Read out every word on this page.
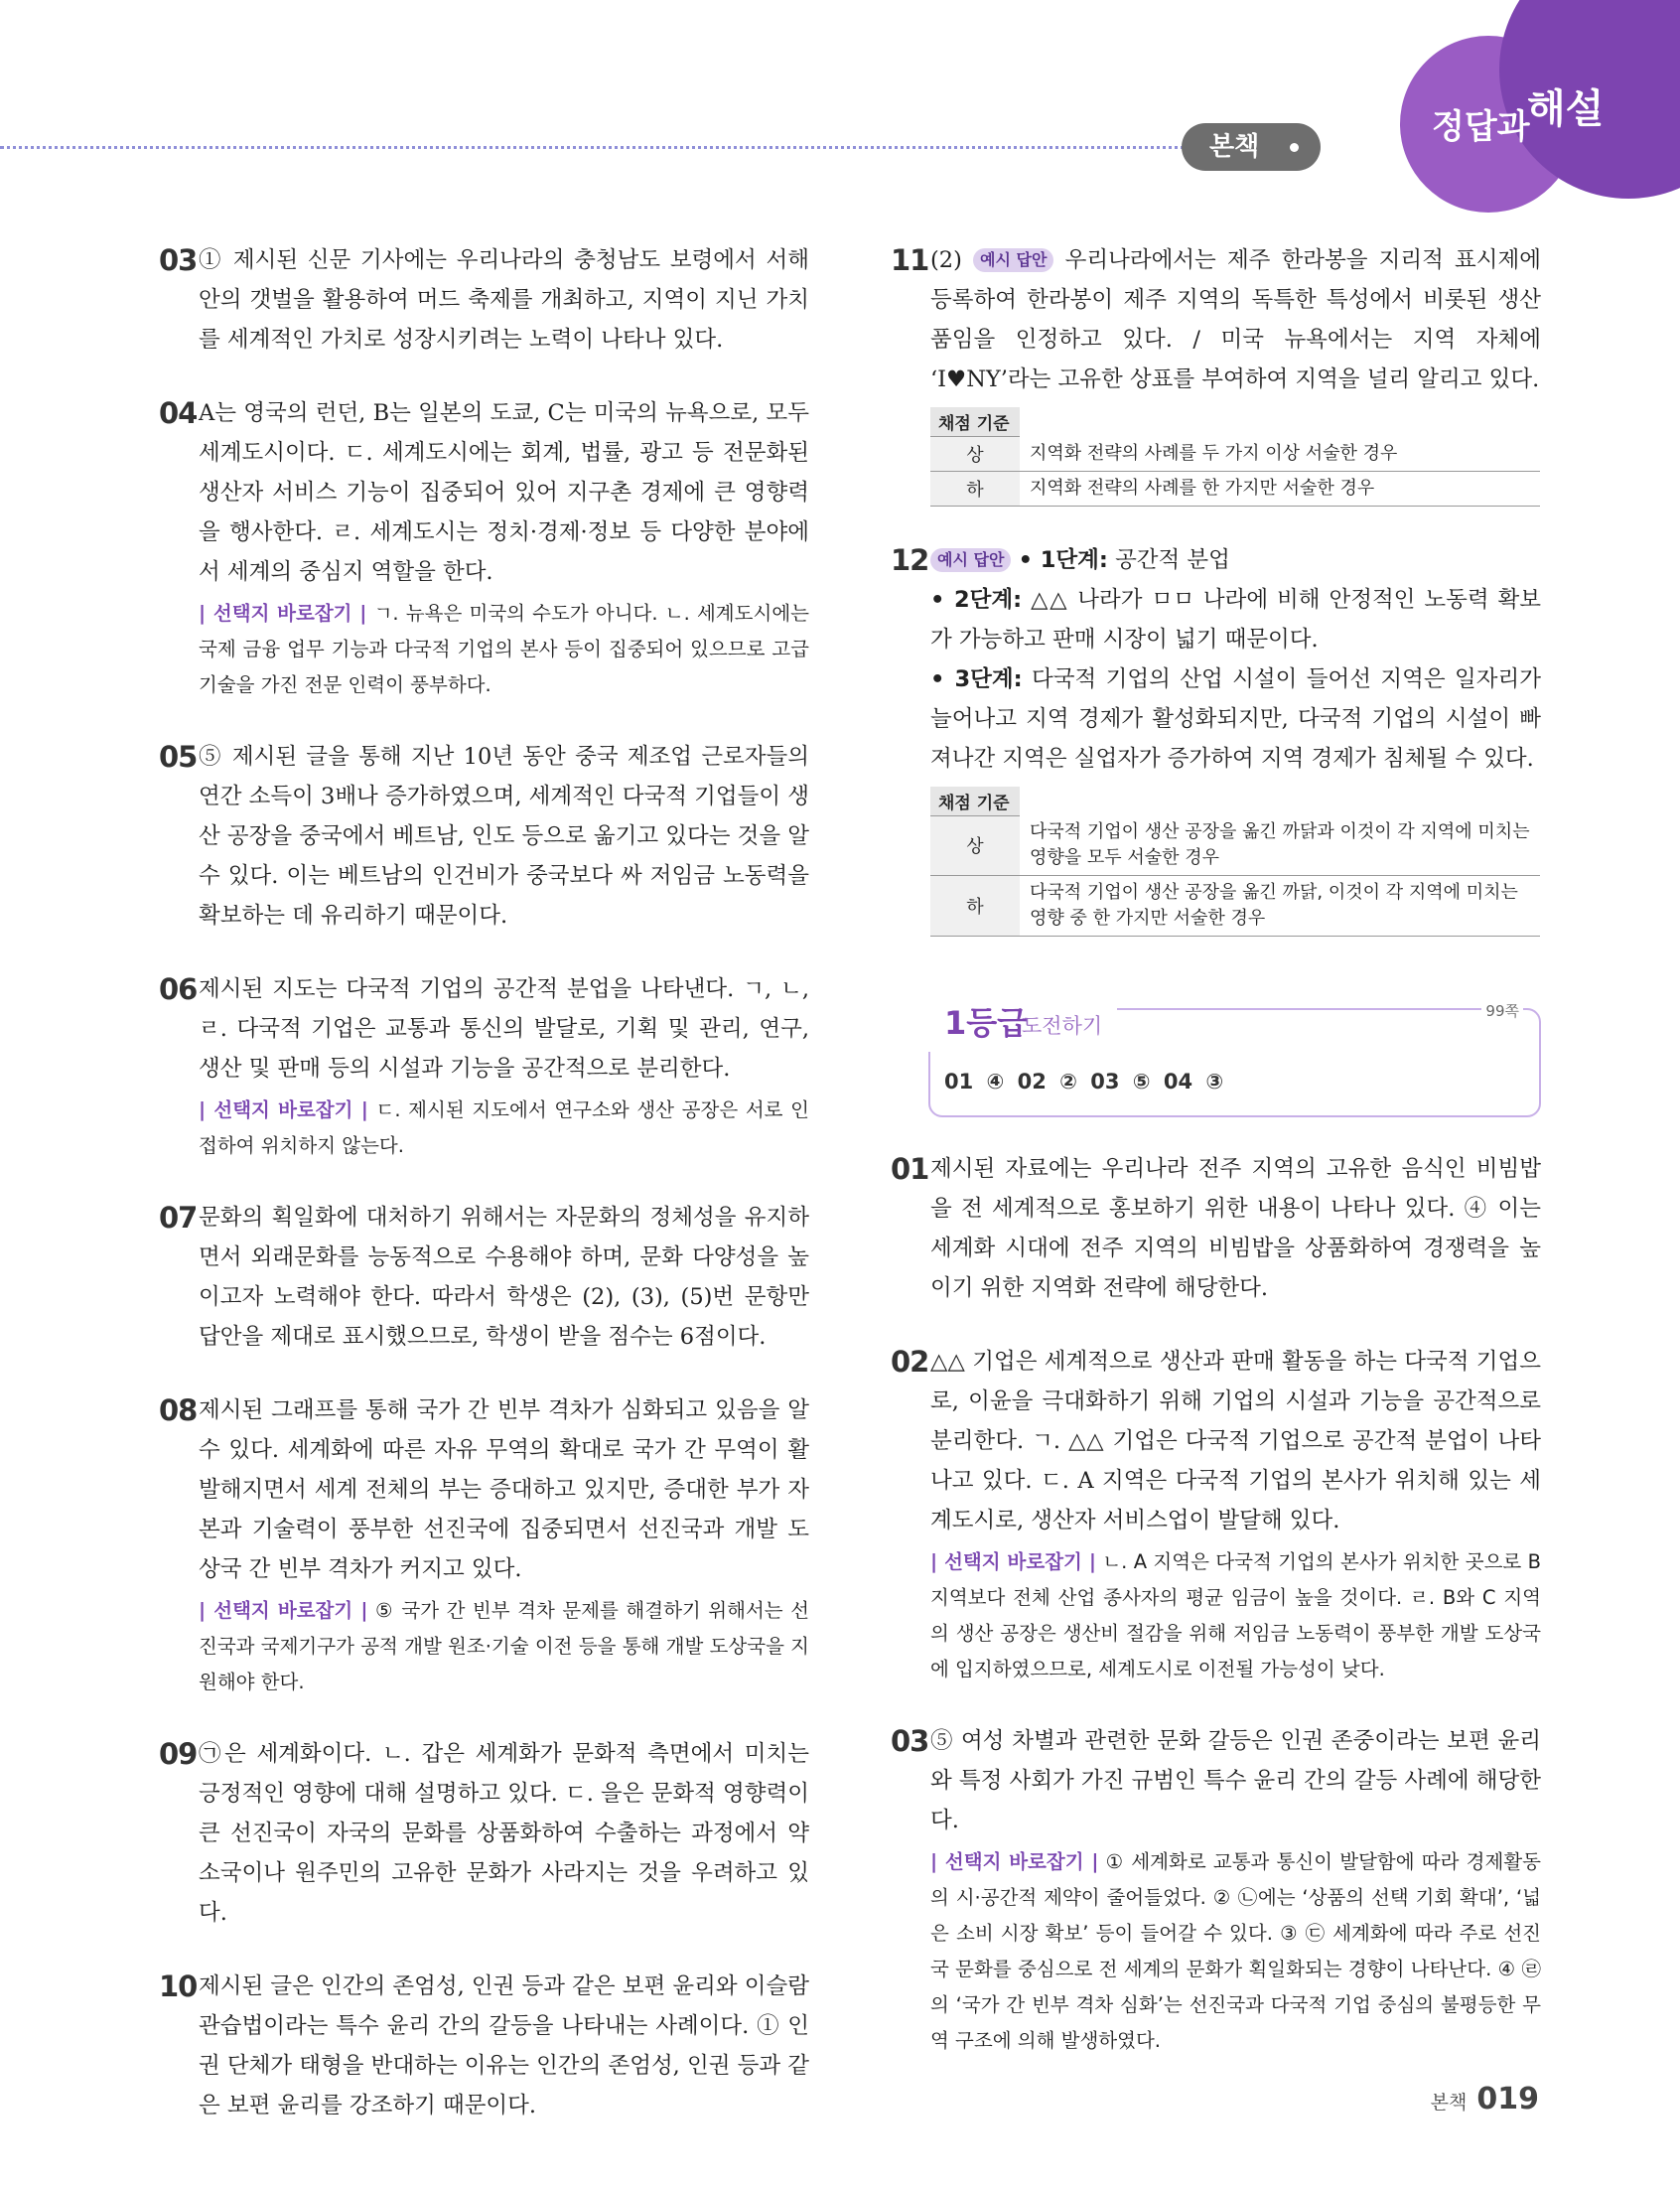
본책	정답과
해설
03 ① 제시된 신문 기사에는 우리나라의 충청남도 보령에서 서해안의 갯벌을 활용하여 머드 축제를 개최하고, 지역이 지닌 가치를 세계적인 가치로 성장시키려는 노력이 나타나 있다.
04 A는 영국의 런던, B는 일본의 도쿄, C는 미국의 뉴욕으로, 모두 세계도시이다. ㄷ. 세계도시에는 회계, 법률, 광고 등 전문화된 생산자 서비스 기능이 집중되어 있어 지구촌 경제에 큰 영향력을 행사한다. ㄹ. 세계도시는 정치·경제·정보 등 다양한 분야에서 세계의 중심지 역할을 한다.
| 선택지 바로잡기 | ㄱ. 뉴욕은 미국의 수도가 아니다. ㄴ. 세계도시에는 국제 금융 업무 기능과 다국적 기업의 본사 등이 집중되어 있으므로 고급 기술을 가진 전문 인력이 풍부하다.
05 ⑤ 제시된 글을 통해 지난 10년 동안 중국 제조업 근로자들의 연간 소득이 3배나 증가하였으며, 세계적인 다국적 기업들이 생산 공장을 중국에서 베트남, 인도 등으로 옮기고 있다는 것을 알 수 있다. 이는 베트남의 인건비가 중국보다 싸 저임금 노동력을 확보하는 데 유리하기 때문이다.
06 제시된 지도는 다국적 기업의 공간적 분업을 나타낸다. ㄱ, ㄴ, ㄹ. 다국적 기업은 교통과 통신의 발달로, 기획 및 관리, 연구, 생산 및 판매 등의 시설과 기능을 공간적으로 분리한다.
| 선택지 바로잡기 | ㄷ. 제시된 지도에서 연구소와 생산 공장은 서로 인접하여 위치하지 않는다.
07 문화의 획일화에 대처하기 위해서는 자문화의 정체성을 유지하면서 외래문화를 능동적으로 수용해야 하며, 문화 다양성을 높이고자 노력해야 한다. 따라서 학생은 (2), (3), (5)번 문항만 답안을 제대로 표시했으므로, 학생이 받을 점수는 6점이다.
08 제시된 그래프를 통해 국가 간 빈부 격차가 심화되고 있음을 알 수 있다. 세계화에 따른 자유 무역의 확대로 국가 간 무역이 활발해지면서 세계 전체의 부는 증대하고 있지만, 증대한 부가 자본과 기술력이 풍부한 선진국에 집중되면서 선진국과 개발 도상국 간 빈부 격차가 커지고 있다.
| 선택지 바로잡기 | ⑤ 국가 간 빈부 격차 문제를 해결하기 위해서는 선진국과 국제기구가 공적 개발 원조·기술 이전 등을 통해 개발 도상국을 지원해야 한다.
09 ㉠은 세계화이다. ㄴ. 갑은 세계화가 문화적 측면에서 미치는 긍정적인 영향에 대해 설명하고 있다. ㄷ. 을은 문화적 영향력이 큰 선진국이 자국의 문화를 상품화하여 수출하는 과정에서 약소국이나 원주민의 고유한 문화가 사라지는 것을 우려하고 있다.
10 제시된 글은 인간의 존엄성, 인권 등과 같은 보편 윤리와 이슬람 관습법이라는 특수 윤리 간의 갈등을 나타내는 사례이다. ① 인권 단체가 태형을 반대하는 이유는 인간의 존엄성, 인권 등과 같은 보편 윤리를 강조하기 때문이다.
11 (2) 예시 답안 우리나라에서는 제주 한라봉을 지리적 표시제에 등록하여 한라봉이 제주 지역의 독특한 특성에서 비롯된 생산품임을 인정하고 있다. / 미국 뉴욕에서는 지역 자체에 ‘I♥NY’라는 고유한 상표를 부여하여 지역을 널리 알리고 있다.
채점 기준	
상	지역화 전략의 사례를 두 가지 이상 서술한 경우
하	지역화 전략의 사례를 한 가지만 서술한 경우
12 예시 답안 • 1단계: 공간적 분업
• 2단계: △△ 나라가 ㅁㅁ 나라에 비해 안정적인 노동력 확보 가 가능하고 판매 시장이 넓기 때문이다.
• 3단계: 다국적 기업의 산업 시설이 들어선 지역은 일자리가 늘어나고 지역 경제가 활성화되지만, 다국적 기업의 시설이 빠져나간 지역은 실업자가 증가하여 지역 경제가 침체될 수 있다.
채점 기준	
상	다국적 기업이 생산 공장을 옮긴 까닭과 이것이 각 지역에 미치는 영향을 모두 서술한 경우
하	다국적 기업이 생산 공장을 옮긴 까닭, 이것이 각 지역에 미치는 영향 중 한 가지만 서술한 경우
1등급
도전하기
99쪽
01 ④ 02 ② 03 ⑤ 04 ③
01 제시된 자료에는 우리나라 전주 지역의 고유한 음식인 비빔밥을 전 세계적으로 홍보하기 위한 내용이 나타나 있다. ④ 이는 세계화 시대에 전주 지역의 비빔밥을 상품화하여 경쟁력을 높이기 위한 지역화 전략에 해당한다.
02 △△ 기업은 세계적으로 생산과 판매 활동을 하는 다국적 기업으로, 이윤을 극대화하기 위해 기업의 시설과 기능을 공간적으로 분리한다. ㄱ. △△ 기업은 다국적 기업으로 공간적 분업이 나타나고 있다. ㄷ. A 지역은 다국적 기업의 본사가 위치해 있는 세계도시로, 생산자 서비스업이 발달해 있다.
| 선택지 바로잡기 | ㄴ. A 지역은 다국적 기업의 본사가 위치한 곳으로 B 지역보다 전체 산업 종사자의 평균 임금이 높을 것이다. ㄹ. B와 C 지역의 생산 공장은 생산비 절감을 위해 저임금 노동력이 풍부한 개발 도상국에 입지하였으므로, 세계도시로 이전될 가능성이 낮다.
03 ⑤ 여성 차별과 관련한 문화 갈등은 인권 존중이라는 보편 윤리와 특정 사회가 가진 규범인 특수 윤리 간의 갈등 사례에 해당한다.
| 선택지 바로잡기 | ① 세계화로 교통과 통신이 발달함에 따라 경제활동의 시·공간적 제약이 줄어들었다. ② ㉡에는 ‘상품의 선택 기회 확대’, ‘넓은 소비 시장 확보’ 등이 들어갈 수 있다. ③ ㉢ 세계화에 따라 주로 선진국 문화를 중심으로 전 세계의 문화가 획일화되는 경향이 나타난다. ④ ㉣의 ‘국가 간 빈부 격차 심화’는 선진국과 다국적 기업 중심의 불평등한 무역 구조에 의해 발생하였다.
본책 019
